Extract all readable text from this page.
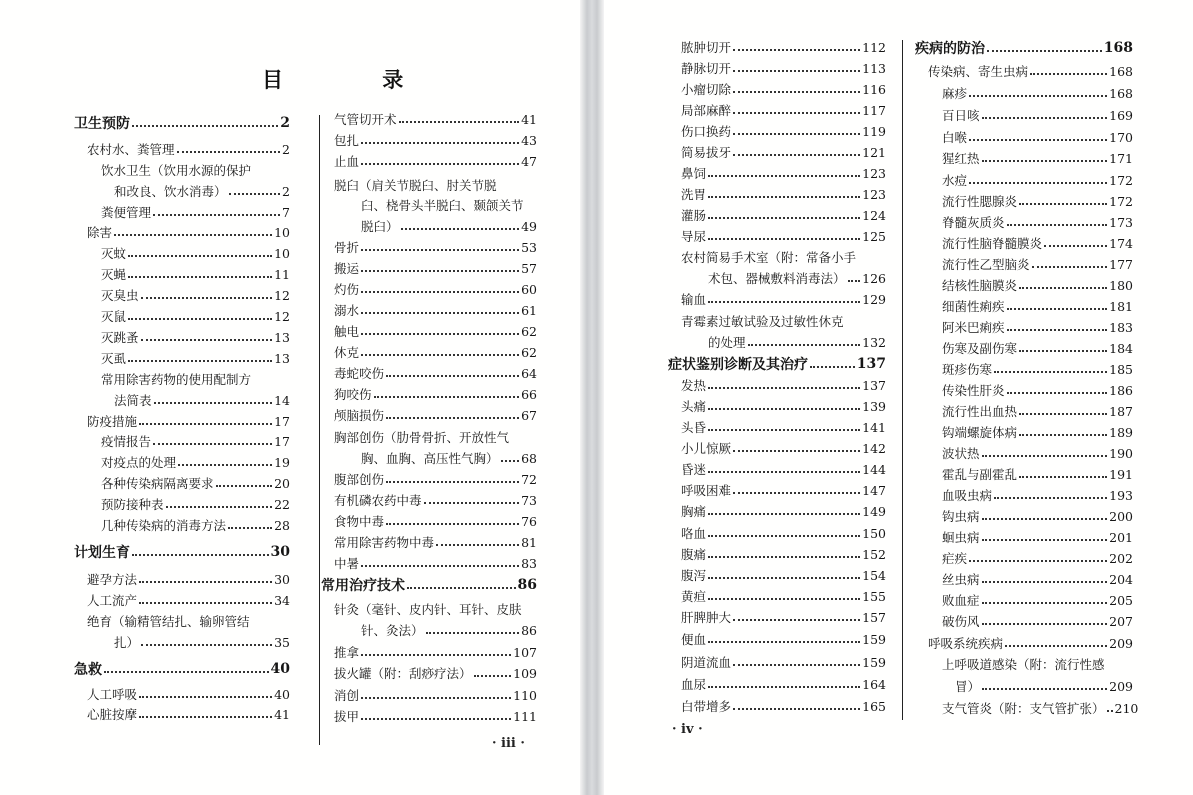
目 录
卫生预防	2
农村水、粪管理	2
饮水卫生（饮用水源的保护
和改良、饮水消毒）	2
粪便管理	7
除害	10
灭蚊	10
灭蝇	11
灭臭虫	12
灭鼠	12
灭跳蚤	13
灭虱	13
常用除害药物的使用配制方
法简表	14
防疫措施	17
疫情报告	17
对疫点的处理	19
各种传染病隔离要求	20
预防接种表	22
几种传染病的消毒方法	28
计划生育	30
避孕方法	30
人工流产	34
绝育（输精管结扎、输卵管结
扎）	35
急救	40
人工呼吸	40
心脏按摩	41
气管切开术	41
包扎	43
止血	47
脱臼（肩关节脱臼、肘关节脱
臼、桡骨头半脱臼、颞颌关节
脱臼）	49
骨折	53
搬运	57
灼伤	60
溺水	61
触电	62
休克	62
毒蛇咬伤	64
狗咬伤	66
颅脑损伤	67
胸部创伤（肋骨骨折、开放性气
胸、血胸、高压性气胸） 68
腹部创伤	72
有机磷农药中毒	73
食物中毒	76
常用除害药物中毒	81
中暑	83
常用治疗技术	86
针灸（毫针、皮内针、耳针、皮肤
针、灸法）	86
推拿	107
拔火罐（附：刮痧疗法）	109
消创	110
拔甲	111
· iii ·
脓肿切开	112
静脉切开	113
小瘤切除	116
局部麻醉	117
伤口换药	119
简易拔牙	121
鼻饲	123
洗胃	123
灌肠	124
导尿	125
农村简易手术室（附：常备小手
术包、器械敷料消毒法） 126
输血	129
青霉素过敏试验及过敏性休克
的处理	132
症状鉴别诊断及其治疗	137
发热	137
头痛	139
头昏	141
小儿惊厥	142
昏迷	144
呼吸困难	147
胸痛	149
咯血	150
腹痛	152
腹泻	154
黄疸	155
肝脾肿大	157
便血	159
阴道流血	159
血尿	164
白带增多	165
疾病的防治	168
传染病、寄生虫病	168
麻疹	168
百日咳	169
白喉	170
猩红热	171
水痘	172
流行性腮腺炎	172
脊髓灰质炎	173
流行性脑脊髓膜炎	174
流行性乙型脑炎	177
结核性脑膜炎	180
细菌性痢疾	181
阿米巴痢疾	183
伤寒及副伤寒	184
斑疹伤寒	185
传染性肝炎	186
流行性出血热	187
钩端螺旋体病	189
波状热	190
霍乱与副霍乱	191
血吸虫病	193
钩虫病	200
蛔虫病	201
疟疾	202
丝虫病	204
败血症	205
破伤风	207
呼吸系统疾病	209
上呼吸道感染（附：流行性感
冒）	209
支气管炎（附：支气管扩张） 210
· iv ·
